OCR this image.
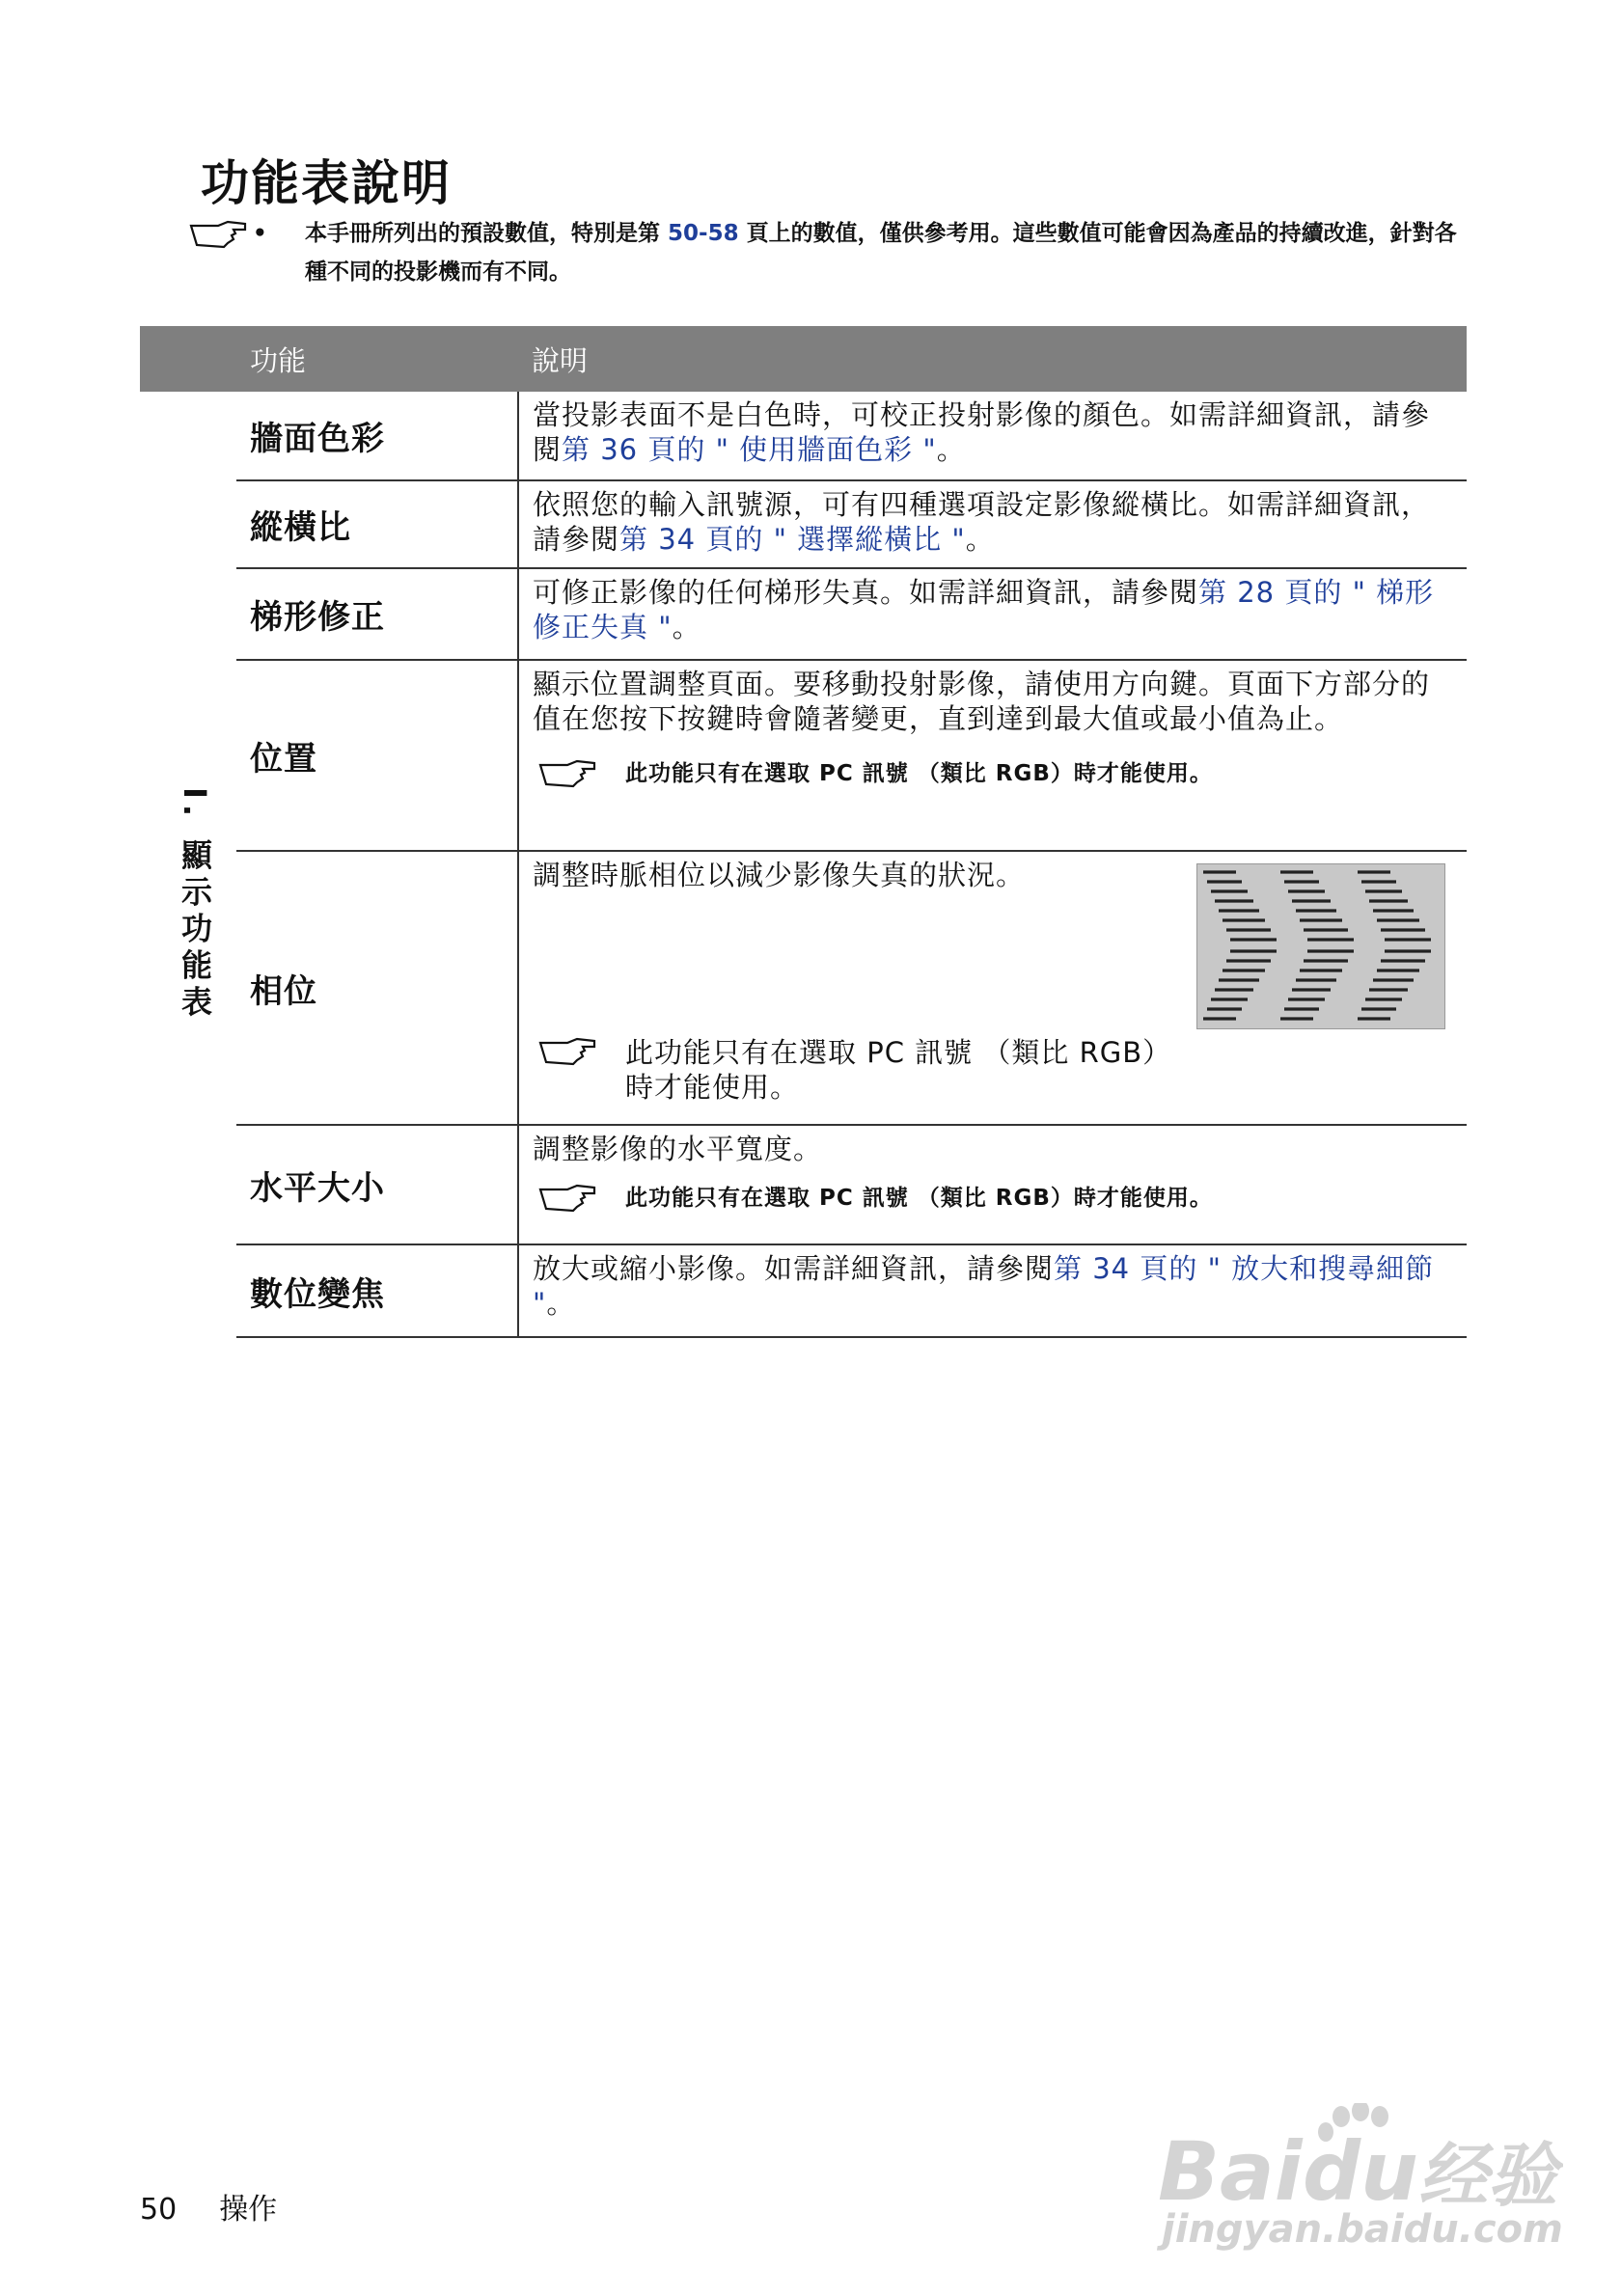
功能表說明
• 本手冊所列出的預設數值，特別是第 50-58 頁上的數值，僅供參考用。這些數值可能會因為產品的持續改進，針對各種不同的投影機而有不同。
	功能	說明

I. 顯示功能表	牆面色彩	當投影表面不是白色時，可校正投射影像的顏色。如需詳細資訊，請參閱第 36 頁的 " 使用牆面色彩 "。
	縱橫比	依照您的輸入訊號源，可有四種選項設定影像縱橫比。如需詳細資訊，請參閱第 34 頁的 " 選擇縱橫比 "。
	梯形修正	可修正影像的任何梯形失真。如需詳細資訊，請參閱第 28 頁的 " 梯形修正失真 "。
	位置	顯示位置調整頁面。要移動投射影像，請使用方向鍵。頁面下方部分的值在您按下按鍵時會隨著變更，直到達到最大值或最小值為止。
此功能只有在選取 PC 訊號 （類比 RGB）時才能使用。

	相位	調整時脈相位以減少影像失真的狀況。
此功能只有在選取 PC 訊號 （類比 RGB）時才能使用。

	水平大小	調整影像的水平寬度。
此功能只有在選取 PC 訊號 （類比 RGB）時才能使用。

	數位變焦	放大或縮小影像。如需詳細資訊，請參閱第 34 頁的 " 放大和搜尋細節 "。
50 操作	Bai du 经验
jingyan.baidu.com
